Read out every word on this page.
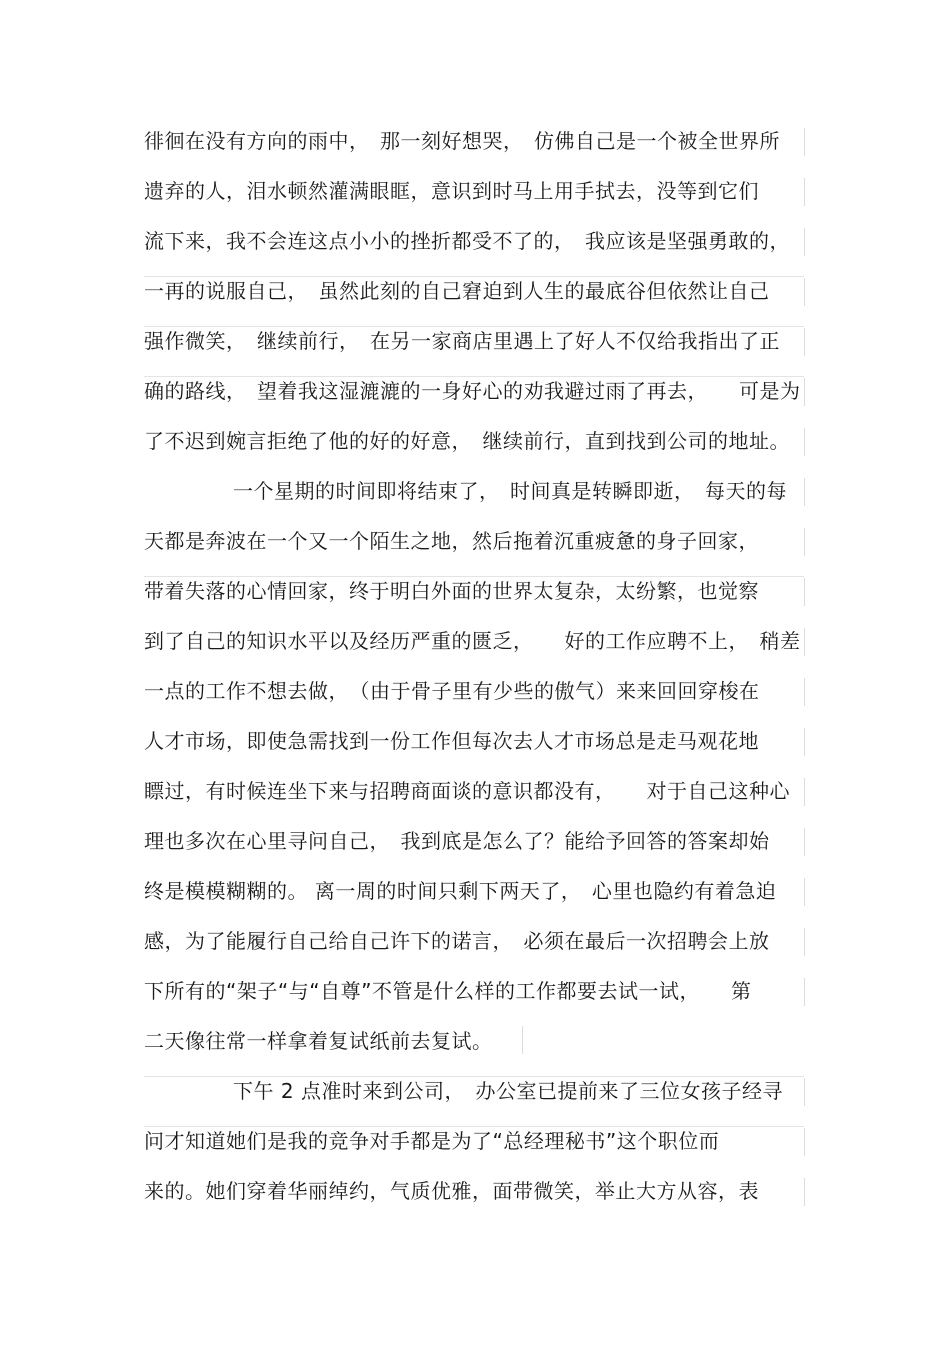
徘徊在没有方向的雨中，　那一刻好想哭，　仿佛自己是一个被全世界所
遗弃的人，泪水顿然灌满眼眶，意识到时马上用手拭去，没等到它们
流下来，我不会连这点小小的挫折都受不了的，　我应该是坚强勇敢的，
一再的说服自己，　虽然此刻的自己窘迫到人生的最底谷但依然让自己
强作微笑，　继续前行，　在另一家商店里遇上了好人不仅给我指出了正
确的路线，　望着我这湿漉漉的一身好心的劝我避过雨了再去，　　可是为
了不迟到婉言拒绝了他的好的好意，　继续前行，直到找到公司的地址。
一个星期的时间即将结束了，　时间真是转瞬即逝，　每天的每
天都是奔波在一个又一个陌生之地，然后拖着沉重疲惫的身子回家，
带着失落的心情回家，终于明白外面的世界太复杂，太纷繁，也觉察
到了自己的知识水平以及经历严重的匮乏，　　好的工作应聘不上，　稍差
一点的工作不想去做，　（由于骨子里有少些的傲气）来来回回穿梭在
人才市场，即使急需找到一份工作但每次去人才市场总是走马观花地
瞟过，有时候连坐下来与招聘商面谈的意识都没有，　　对于自己这种心
理也多次在心里寻问自己，　我到底是怎么了？能给予回答的答案却始
终是模模糊糊的。 离一周的时间只剩下两天了，　心里也隐约有着急迫
感，为了能履行自己给自己许下的诺言，　必须在最后一次招聘会上放
下所有的“架子“与“自尊”不管是什么样的工作都要去试一试，　　第
二天像往常一样拿着复试纸前去复试。
下午 2 点准时来到公司，　办公室已提前来了三位女孩子经寻
问才知道她们是我的竞争对手都是为了“总经理秘书”这个职位而
来的。她们穿着华丽绰约，气质优雅，面带微笑，举止大方从容，表
